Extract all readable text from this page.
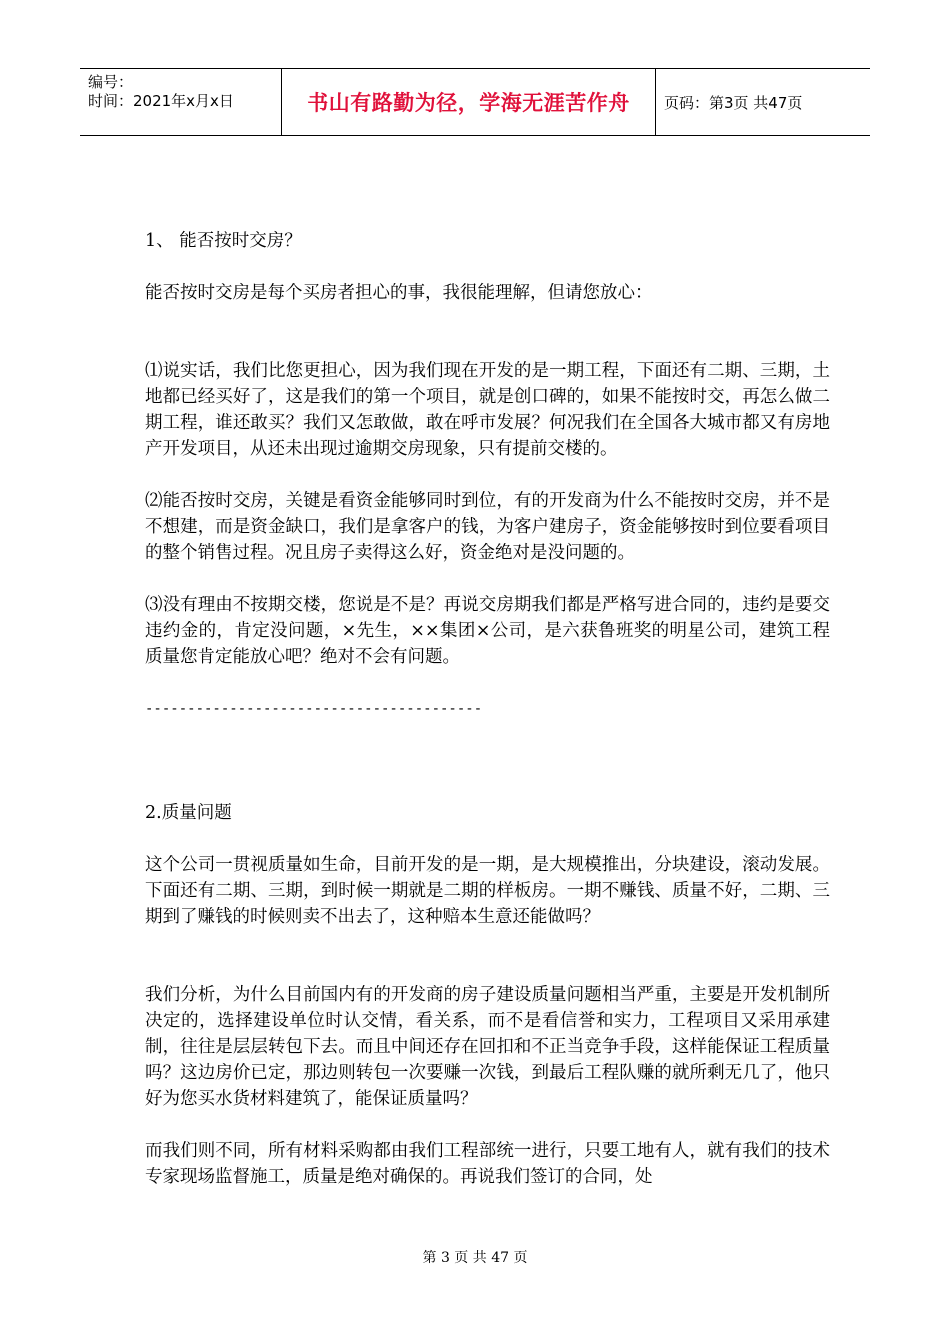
编号：
时间：2021年x月x日	书山有路勤为径，学海无涯苦作舟	页码：第3页 共47页

1、 能否按时交房？

能否按时交房是每个买房者担心的事，我很能理解，但请您放心：

⑴说实话，我们比您更担心，因为我们现在开发的是一期工程，下面还有二期、三期，土地都已经买好了，这是我们的第一个项目，就是创口碑的，如果不能按时交，再怎么做二期工程，谁还敢买？我们又怎敢做，敢在呼市发展？何况我们在全国各大城市都又有房地产开发项目，从还未出现过逾期交房现象，只有提前交楼的。

⑵能否按时交房，关键是看资金能够同时到位，有的开发商为什么不能按时交房，并不是不想建，而是资金缺口，我们是拿客户的钱，为客户建房子，资金能够按时到位要看项目的整个销售过程。况且房子卖得这么好，资金绝对是没问题的。

⑶没有理由不按期交楼，您说是不是？再说交房期我们都是严格写进合同的，违约是要交违约金的，肯定没问题，×先生，××集团×公司，是六获鲁班奖的明星公司，建筑工程质量您肯定能放心吧？绝对不会有问题。

----------------------------------------

2.质量问题

这个公司一贯视质量如生命，目前开发的是一期，是大规模推出，分块建设，滚动发展。下面还有二期、三期，到时候一期就是二期的样板房。一期不赚钱、质量不好，二期、三期到了赚钱的时候则卖不出去了，这种赔本生意还能做吗？

我们分析，为什么目前国内有的开发商的房子建设质量问题相当严重，主要是开发机制所决定的，选择建设单位时认交情，看关系，而不是看信誉和实力，工程项目又采用承建制，往往是层层转包下去。而且中间还存在回扣和不正当竞争手段，这样能保证工程质量吗？这边房价已定，那边则转包一次要赚一次钱，到最后工程队赚的就所剩无几了，他只好为您买水货材料建筑了，能保证质量吗？

而我们则不同，所有材料采购都由我们工程部统一进行，只要工地有人，就有我们的技术专家现场监督施工，质量是绝对确保的。再说我们签订的合同，处

第 3 页 共 47 页
